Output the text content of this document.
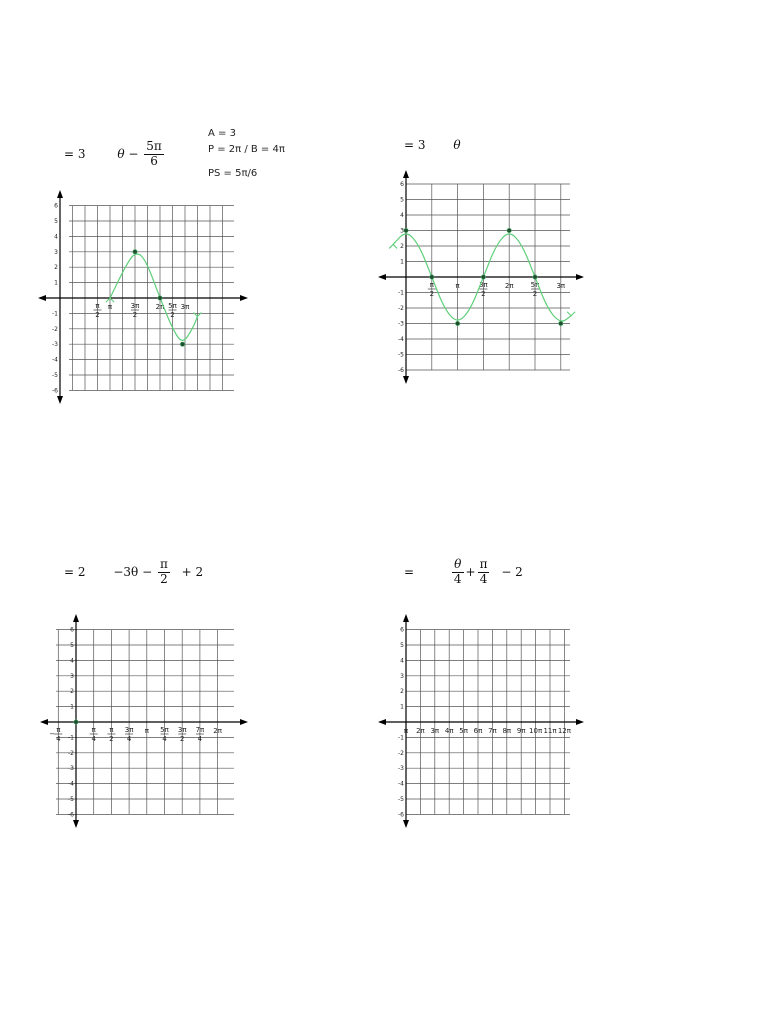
= 3	$\theta - \frac{5\pi}{6}$
A = 3
P = 2π / B = 4π
PS = 5π/6
= 3 θ
= $2 -3\theta - \frac{\pi}{2} + 2$	=	$\frac{\theta}{4} + \frac{\pi}{4} - 2$
6
5
4
3
2
1
-1
-2
-3
-4
-5
-6
π
2
π	3π
2
2π 5π
2
3π
6
5
4
3
2
1
-1
-2
-3
-4
-5
-6
π
2
π	3π
2
2π 5π
2
3π
6
5
4
3
2
1
-1
-2
-3
-4
-5
-6
− π
4
π
4
π
2
3π
4
π 5π
4
3π
2
7π
4
2π
6
5
4
3
2
1
-1
-2
-3
-4
-5
-6
π 2π 3π 4π 5π 6π 7π 8π 9π 10π 11π 12π
